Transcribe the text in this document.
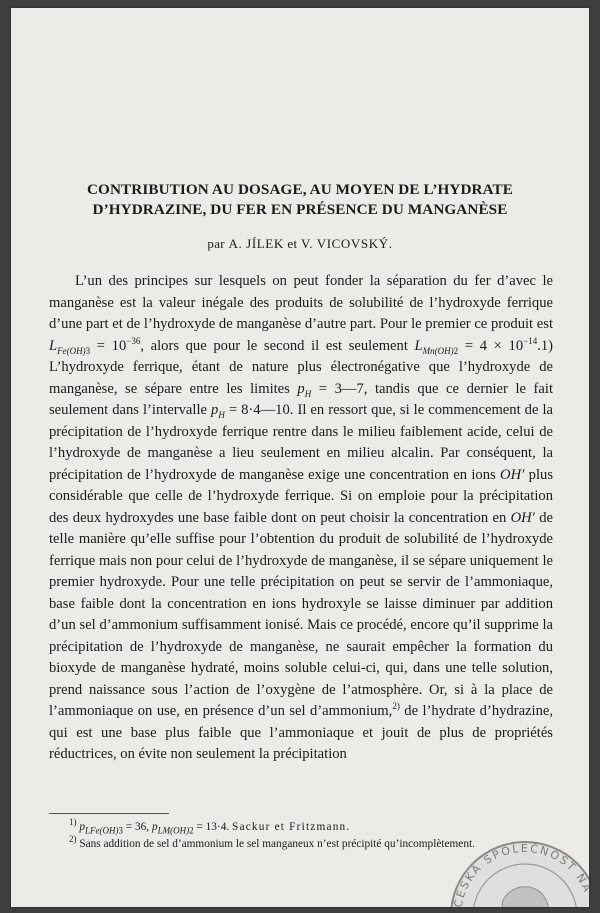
CONTRIBUTION AU DOSAGE, AU MOYEN DE L’HYDRATE
D’HYDRAZINE, DU FER EN PRÉSENCE DU MANGANÈSE
par A. JÍLEK et V. VICOVSKÝ.

L’un des principes sur lesquels on peut fonder la séparation du fer d’avec le manganèse est la valeur inégale des produits de solubilité de l’hydroxyde ferrique d’une part et de l’hydroxyde de manganèse d’autre part. Pour le premier ce produit est $L_{Fe(OH)3} = 10^{-36}$, alors que pour le second il est seulement $L_{Mn(OH)2} = 4 \times 10^{-14}.1$) L’hydroxyde ferrique, étant de nature plus électronégative que l’hydroxyde de manganèse, se sépare entre les limites $p_H$ = 3—7, tandis que ce dernier le fait seulement dans l’intervalle $p_H$ = 8·4—10. Il en ressort que, si le commencement de la précipitation de l’hydroxyde ferrique rentre dans le milieu faiblement acide, celui de l’hydroxyde de manganèse a lieu seulement en milieu alcalin. Par conséquent, la précipitation de l’hydroxyde de manganèse exige une concentration en ions OH′ plus considérable que celle de l’hydroxyde ferrique. Si on emploie pour la précipitation des deux hydroxydes une base faible dont on peut choisir la concentration en OH′ de telle manière qu’elle suffise pour l’obtention du produit de solubilité de l’hydroxyde ferrique mais non pour celui de l’hydroxyde de manganèse, il se sépare uniquement le premier hydroxyde. Pour une telle précipitation on peut se servir de l’ammoniaque, base faible dont la concentration en ions hydroxyle se laisse diminuer par addition d’un sel d’ammonium suffisamment ionisé. Mais ce procédé, encore qu’il supprime la précipitation de l’hydroxyde de manganèse, ne saurait empêcher la formation du bioxyde de manganèse hydraté, moins soluble celui-ci, qui, dans une telle solution, prend naissance sous l’action de l’oxygène de l’atmosphère. Or, si à la place de l’ammoniaque on use, en présence d’un sel d’ammonium,$^{2)}$ de l’hydrate d’hydrazine, qui est une base plus faible que l’ammoniaque et jouit de plus de propriétés réductrices, on évite non seulement la précipitation

$^{1)}$ $p_{LFe(OH)3} = 36$, $p_{LM(OH)2} = 13\cdot 4$. Sackur et Fritzmann.

$^{2)}$ Sans addition de sel d’ammonium le sel manganeux n’est précipité qu’incomplètement.

ČESKÁ SPOLEČNOST NÁ
